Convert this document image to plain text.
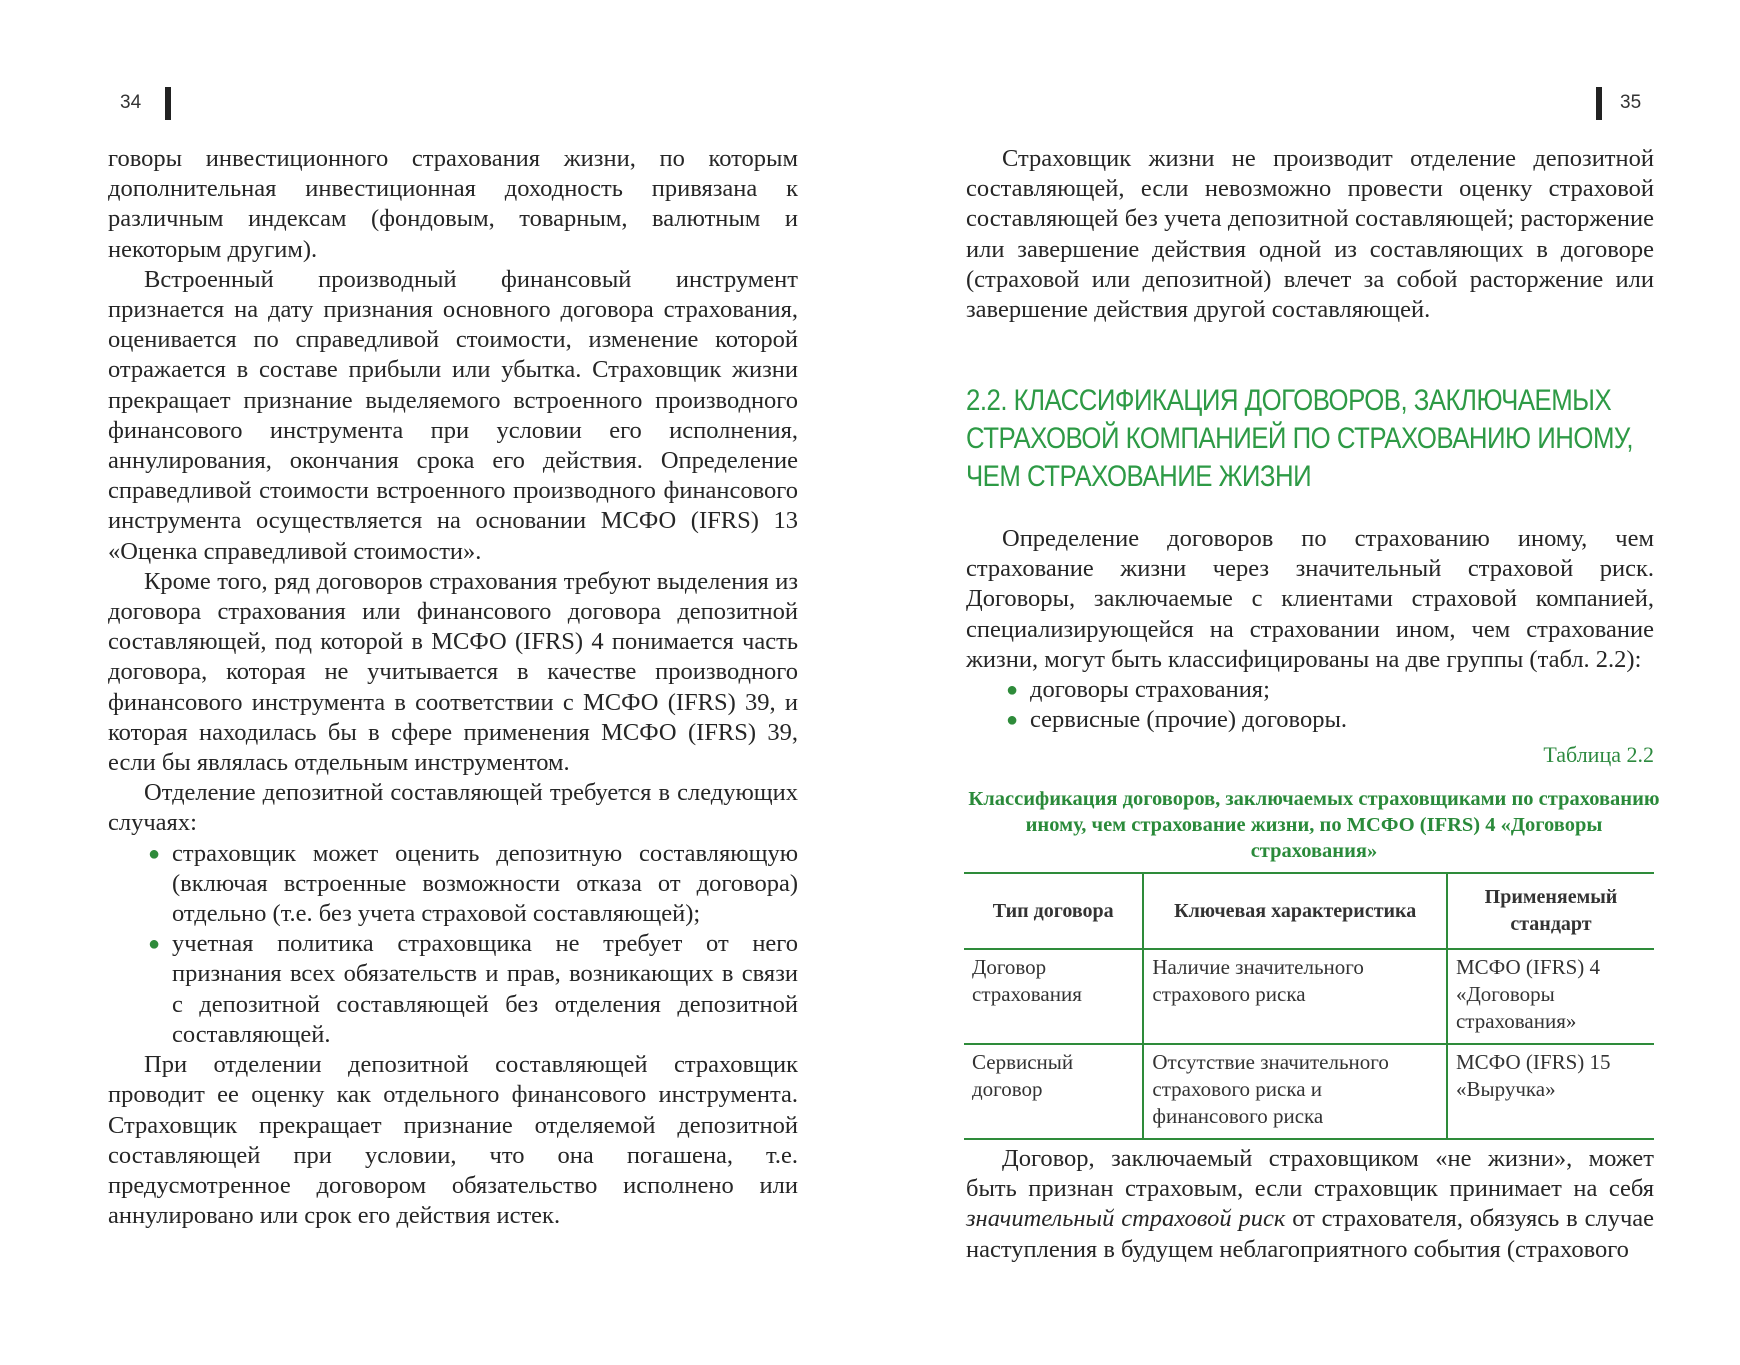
34

говоры инвестиционного страхования жизни, по которым дополнительная инвестиционная доходность привязана к различным индексам (фондовым, товарным, валютным и некоторым другим).

Встроенный производный финансовый инструмент признается на дату признания основного договора страхования, оценивается по справедливой стоимости, изменение которой отражается в составе прибыли или убытка. Страховщик жизни прекращает признание выделяемого встроенного производного финансового инструмента при условии его исполнения, аннулирования, окончания срока его действия. Определение справедливой стоимости встроенного производного финансового инструмента осуществляется на основании МСФО (IFRS) 13 «Оценка справедливой стоимости».

Кроме того, ряд договоров страхования требуют выделения из договора страхования или финансового договора депозитной составляющей, под которой в МСФО (IFRS) 4 понимается часть договора, которая не учитывается в качестве производного финансового инструмента в соответствии с МСФО (IFRS) 39, и которая находилась бы в сфере применения МСФО (IFRS) 39, если бы являлась отдельным инструментом.

Отделение депозитной составляющей требуется в следующих случаях:

● страховщик может оценить депозитную составляющую (включая встроенные возможности отказа от договора) отдельно (т.е. без учета страховой составляющей);
● учетная политика страховщика не требует от него признания всех обязательств и прав, возникающих в связи с депозитной составляющей без отделения депозитной составляющей.

При отделении депозитной составляющей страховщик проводит ее оценку как отдельного финансового инструмента. Страховщик прекращает признание отделяемой депозитной составляющей при условии, что она погашена, т.е. предусмотренное договором обязательство исполнено или аннулировано или срок его действия истек.

35

Страховщик жизни не производит отделение депозитной составляющей, если невозможно провести оценку страховой составляющей без учета депозитной составляющей; расторжение или завершение действия одной из составляющих в договоре (страховой или депозитной) влечет за собой расторжение или завершение действия другой составляющей.

2.2. КЛАССИФИКАЦИЯ ДОГОВОРОВ, ЗАКЛЮЧАЕМЫХ
СТРАХОВОЙ КОМПАНИЕЙ ПО СТРАХОВАНИЮ ИНОМУ,
ЧЕМ СТРАХОВАНИЕ ЖИЗНИ

Определение договоров по страхованию иному, чем страхование жизни через значительный страховой риск. Договоры, заключаемые с клиентами страховой компанией, специализирующейся на страховании ином, чем страхование жизни, могут быть классифицированы на две группы (табл. 2.2):

● договоры страхования;
● сервисные (прочие) договоры.
Таблица 2.2
Классификация договоров, заключаемых страховщиками по страхованию иному, чем страхование жизни, по МСФО (IFRS) 4 «Договоры страхования»
Тип договора	Ключевая характеристика	Применяемый стандарт
Договор страхования	Наличие значительного страхового риска	МСФО (IFRS) 4 «Договоры страхования»
Сервисный договор	Отсутствие значительного страхового риска и финансового риска	МСФО (IFRS) 15 «Выручка»

Договор, заключаемый страховщиком «не жизни», может быть признан страховым, если страховщик принимает на себя значительный страховой риск от страхователя, обязуясь в случае наступления в будущем неблагоприятного события (страхового
